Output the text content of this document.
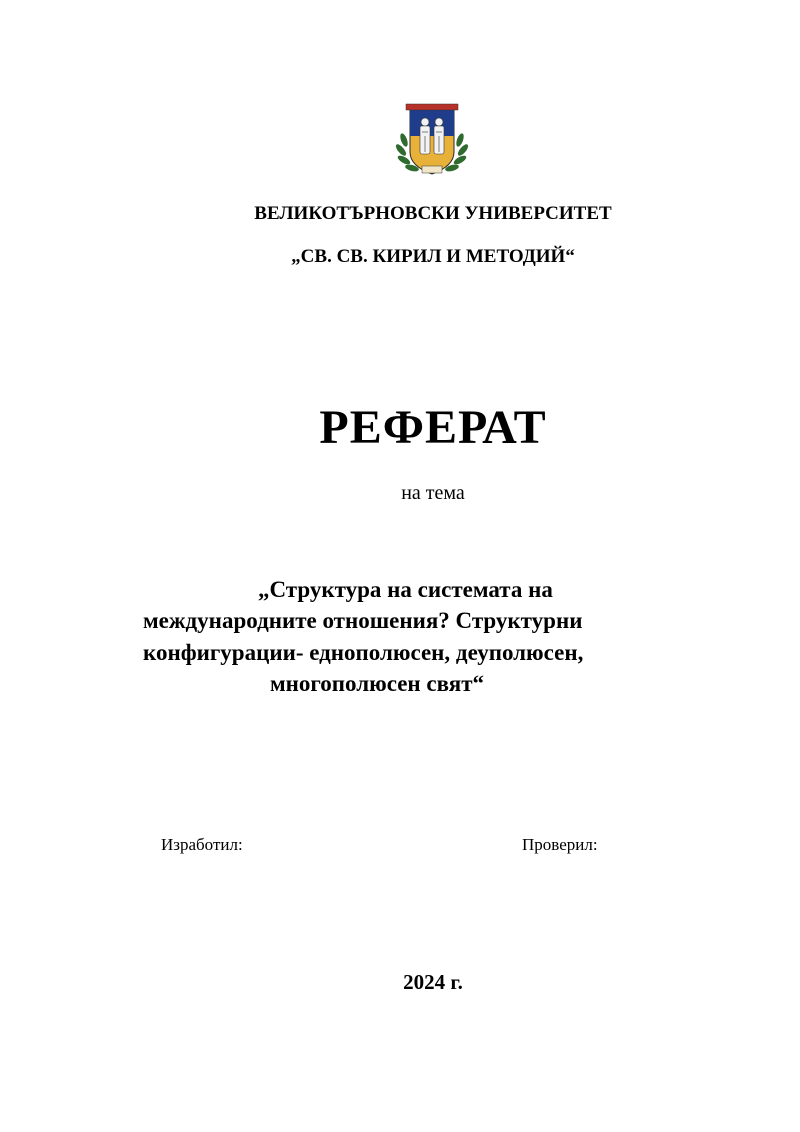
ВЕЛИКОТЪРНОВСКИ УНИВЕРСИТЕТ
„СВ. СВ. КИРИЛ И МЕТОДИЙ“
РЕФЕРАТ
на тема
„Структура на системата на
международните отношения? Структурни
конфигурации- еднополюсен, деуполюсен,
многополюсен свят“
Изработил:	Проверил:
2024 г.
